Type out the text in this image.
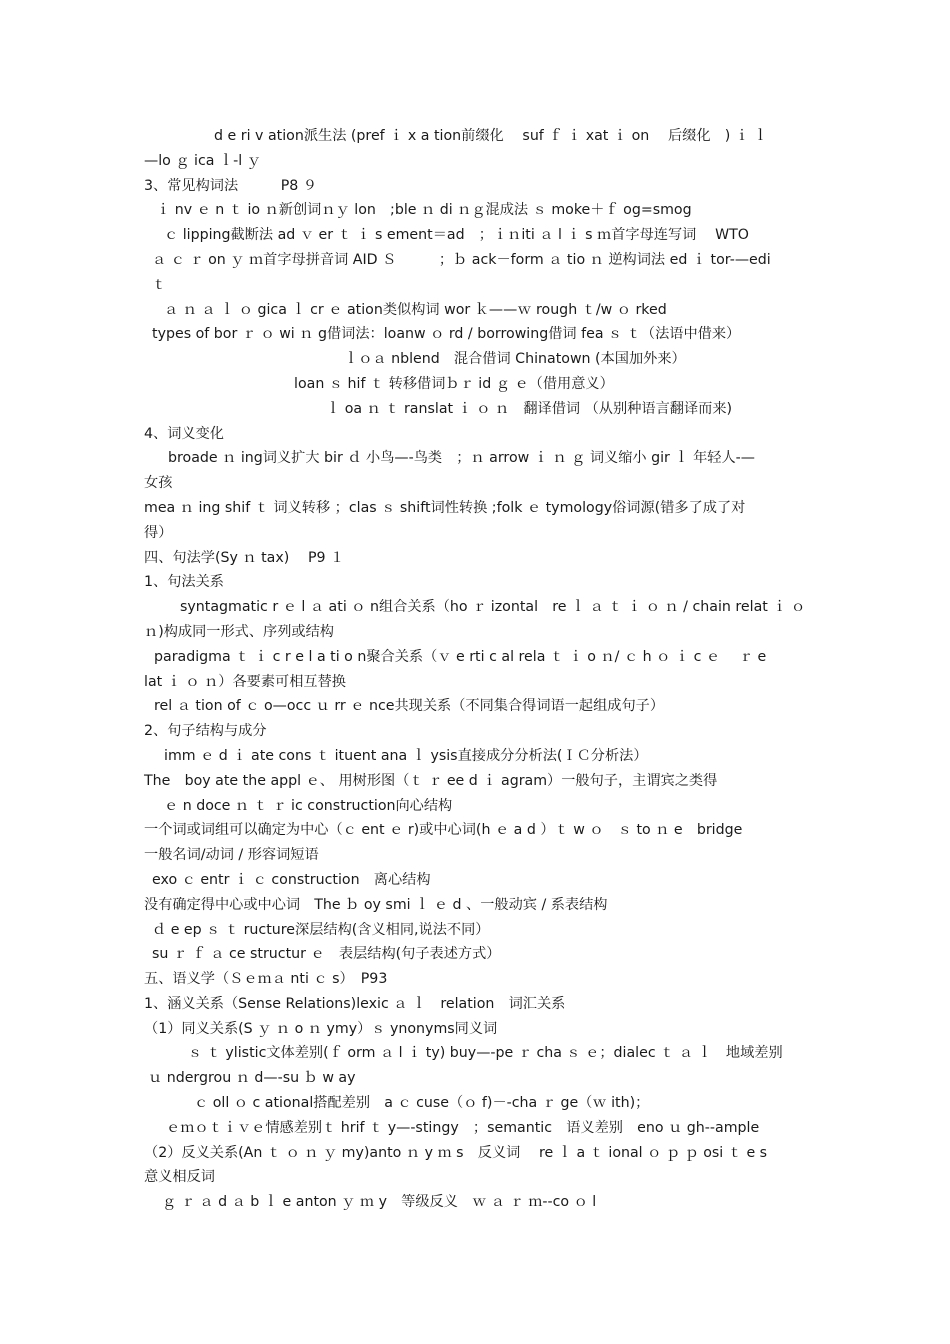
d e ri v ation派生法 (pref ｉ x a tion前缀化　 suf ｆ ｉ xat ｉ on　 后缀化　) ｉ ｌ
—lo ｇ ica ｌ-l ｙ
3、常见构词法　　　P8 ９
ｉ nv ｅ n ｔ io ｎ新创词ｎｙ lon　;ble ｎ di ｎｇ混成法 ｓ moke＋ｆ og=smog
ｃ lipping截断法 ad ｖ er ｔ ｉ s ement＝ad　；ｉｎiti ａ l ｉ s ｍ首字母连写词　 WTO
ａ ｃ ｒ on ｙ ｍ首字母拼音词 AID Ｓ　　　；ｂ ack－form ａ tio ｎ 逆构词法 ed ｉ tor-—edi
ｔ
ａ ｎ ａ ｌ ｏ gica ｌ cr ｅ ation类似构词 wor ｋ——ｗ rough ｔ/w ｏ rked
types of bor ｒ ｏ wi ｎ g借词法：loanw ｏ rd / borrowing借词 fea ｓ ｔ（法语中借来）
ｌｏａ nblend　混合借词 Chinatown (本国加外来）
loan ｓ hif ｔ 转移借词ｂｒ id ｇ ｅ（借用意义）
ｌ oa ｎ ｔ ranslat ｉ ｏ ｎ　翻译借词 （从别种语言翻译而来)
4、词义变化
broade ｎ ing词义扩大 bir ｄ 小鸟—-鸟类　；ｎ arrow ｉ ｎ ｇ 词义缩小 gir ｌ 年轻人-—
女孩
mea ｎ ing shif ｔ 词义转移 ；clas ｓ shift词性转换 ;folk ｅ tymology俗词源(错多了成了对
得）
四、句法学(Sy ｎ tax)　 P9 １
1、句法关系
syntagmatic r ｅ l ａ ati ｏ n组合关系（ho ｒ izontal　re ｌ ａ ｔ ｉ ｏ ｎ / chain relat ｉ ｏ
ｎ)构成同一形式、序列或结构
paradigma ｔ ｉ c r e l a ti o n聚合关系（ｖ e rti c al rela ｔ ｉ o ｎ/ ｃ h ｏ ｉ c ｅ　 ｒ e
lat ｉ ｏ ｎ）各要素可相互替换
rel ａ tion of ｃ o—occ ｕ rr ｅ nce共现关系（不同集合得词语一起组成句子）
2、句子结构与成分
imm ｅ d ｉ ate cons ｔ ituent ana ｌ ysis直接成分分析法(ＩＣ分析法）
The　boy ate the appl ｅ、 用树形图（ｔ ｒ ee d ｉ agram）一般句子，主谓宾之类得
ｅ n doce ｎ ｔ ｒ ic construction向心结构
一个词或词组可以确定为中心（ｃ ent ｅ r)或中心词(h ｅ a d ）ｔ w ｏ　ｓ to ｎ e　bridge
一般名词/动词 / 形容词短语
exo ｃ entr ｉ ｃ construction　离心结构
没有确定得中心或中心词　The ｂ oy smi ｌ ｅ d 、一般动宾 / 系表结构
ｄ e ep ｓ ｔ ructure深层结构(含义相同,说法不同）
su ｒ ｆ ａ ce structur ｅ　表层结构(句子表述方式）
五、语义学（Ｓｅｍａ nti ｃ s）　P93
1、涵义关系（Sense Relations)lexic ａ ｌ　relation　词汇关系
（1）同义关系(S ｙ ｎ o ｎ ymy）ｓ ynonyms同义词
ｓ ｔ ylistic文体差别(ｆ orm ａ l ｉ ty) buy—-pe ｒ cha ｓ ｅ；dialec ｔ ａ ｌ　地域差别
ｕ ndergrou ｎ d—-su ｂ w ay
ｃ oll ｏ c ational搭配差别　a ｃ cuse（ｏ f)－-cha ｒ ge（ｗ ith)；
ｅｍｏｔｉｖｅ情感差别ｔ hrif ｔ y—-stingy　；semantic　语义差别　eno ｕ gh--ample
（2）反义关系(An ｔ ｏ ｎ ｙ my)anto ｎ y ｍ s　反义词　 re ｌ a ｔ ional ｏ ｐ ｐ osi ｔ e s
意义相反词
ｇ ｒ ａ d ａ b ｌ e anton ｙ ｍ y　等级反义　ｗ ａ ｒ ｍ--co ｏ l
